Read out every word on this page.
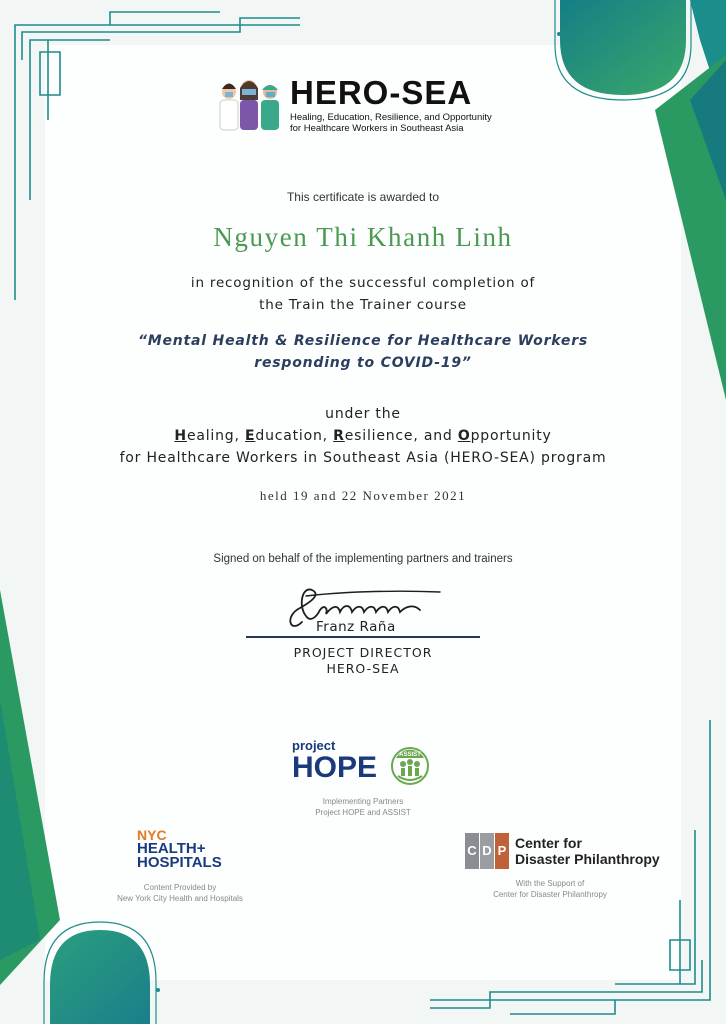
HERO-SEA
Healing, Education, Resilience, and Opportunity
for Healthcare Workers in Southeast Asia
This certificate is awarded to
Nguyen Thi Khanh Linh
in recognition of the successful completion of
the Train the Trainer course
“Mental Health & Resilience for Healthcare Workers
responding to COVID-19”
under the
Healing, Education, Resilience, and Opportunity
for Healthcare Workers in Southeast Asia (HERO-SEA) program
held 19 and 22 November 2021
Signed on behalf of the implementing partners and trainers
Franz Raña
PROJECT DIRECTOR
HERO-SEA
project
HOPE	ASSIST
Implementing Partners
Project HOPE and ASSIST
NYC
HEALTH+
HOSPITALS
Content Provided by
New York City Health and Hospitals
C D P Center for
Disaster Philanthropy
With the Support of
Center for Disaster Philanthropy
